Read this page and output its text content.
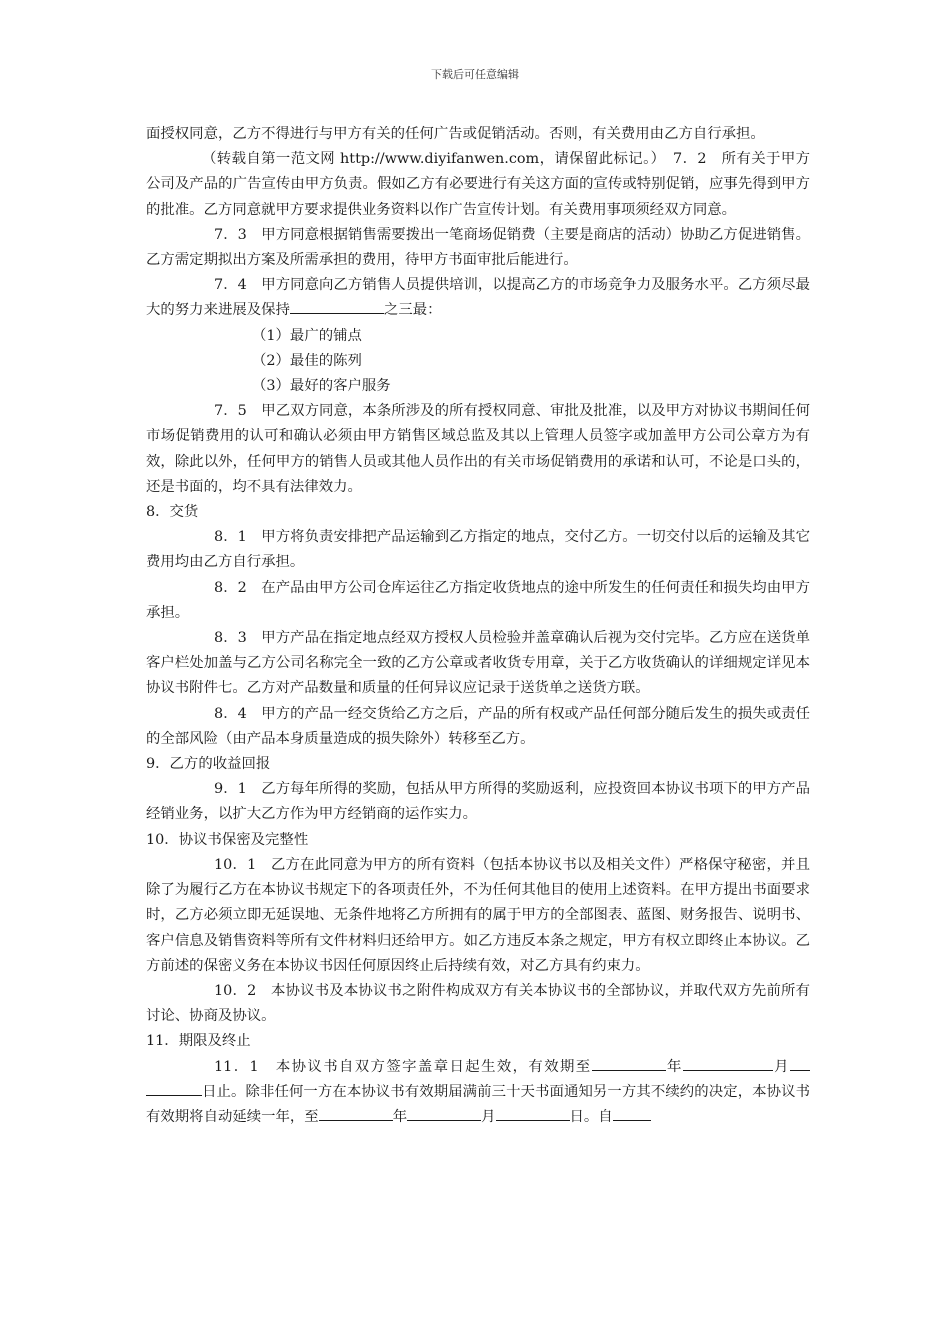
下载后可任意编辑

面授权同意，乙方不得进行与甲方有关的任何广告或促销活动。否则，有关费用由乙方自行承担。

（转载自第一范文网 http://www.diyifanwen.com，请保留此标记。）　7．2　所有关于甲方公司及产品的广告宣传由甲方负责。假如乙方有必要进行有关这方面的宣传或特别促销，应事先得到甲方的批准。乙方同意就甲方要求提供业务资料以作广告宣传计划。有关费用事项须经双方同意。

7．3　甲方同意根据销售需要拨出一笔商场促销费（主要是商店的活动）协助乙方促进销售。乙方需定期拟出方案及所需承担的费用，待甲方书面审批后能进行。

7．4　甲方同意向乙方销售人员提供培训，以提高乙方的市场竞争力及服务水平。乙方须尽最大的努力来进展及保持	之三最：

（1）最广的铺点

（2）最佳的陈列

（3）最好的客户服务

7．5　甲乙双方同意，本条所涉及的所有授权同意、审批及批准，以及甲方对协议书期间任何市场促销费用的认可和确认必须由甲方销售区域总监及其以上管理人员签字或加盖甲方公司公章方为有效，除此以外，任何甲方的销售人员或其他人员作出的有关市场促销费用的承诺和认可，不论是口头的，还是书面的，均不具有法律效力。

8．交货

8．1　甲方将负责安排把产品运输到乙方指定的地点，交付乙方。一切交付以后的运输及其它费用均由乙方自行承担。

8．2　在产品由甲方公司仓库运往乙方指定收货地点的途中所发生的任何责任和损失均由甲方承担。

8．3　甲方产品在指定地点经双方授权人员检验并盖章确认后视为交付完毕。乙方应在送货单客户栏处加盖与乙方公司名称完全一致的乙方公章或者收货专用章，关于乙方收货确认的详细规定详见本协议书附件七。乙方对产品数量和质量的任何异议应记录于送货单之送货方联。

8．4　甲方的产品一经交货给乙方之后，产品的所有权或产品任何部分随后发生的损失或责任的全部风险（由产品本身质量造成的损失除外）转移至乙方。

9．乙方的收益回报

9．1　乙方每年所得的奖励，包括从甲方所得的奖励返利，应投资回本协议书项下的甲方产品经销业务，以扩大乙方作为甲方经销商的运作实力。

10．协议书保密及完整性

10．1　乙方在此同意为甲方的所有资料（包括本协议书以及相关文件）严格保守秘密，并且除了为履行乙方在本协议书规定下的各项责任外，不为任何其他目的使用上述资料。在甲方提出书面要求时，乙方必须立即无延误地、无条件地将乙方所拥有的属于甲方的全部图表、蓝图、财务报告、说明书、客户信息及销售资料等所有文件材料归还给甲方。如乙方违反本条之规定，甲方有权立即终止本协议。乙方前述的保密义务在本协议书因任何原因终止后持续有效，对乙方具有约束力。

10．2　本协议书及本协议书之附件构成双方有关本协议书的全部协议，并取代双方先前所有讨论、协商及协议。

11．期限及终止

11．1　本协议书自双方签字盖章日起生效，有效期至	年	月日止。除非任何一方在本协议书有效期届满前三十天书面通知另一方其不续约的决定，本协议书有效期将自动延续一年，至	年	月	日。自
